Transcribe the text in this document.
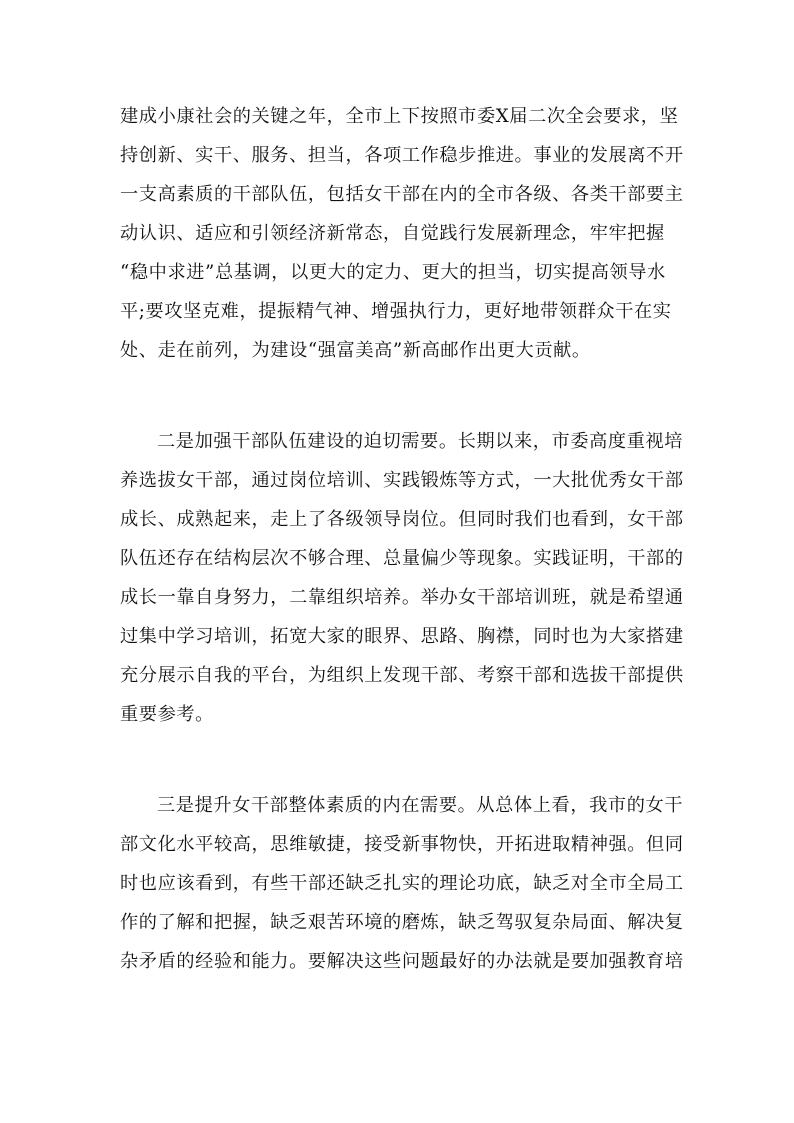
建成小康社会的关键之年，全市上下按照市委Ⅹ届二次全会要求，坚
持创新、实干、服务、担当，各项工作稳步推进。事业的发展离不开
一支高素质的干部队伍，包括女干部在内的全市各级、各类干部要主
动认识、适应和引领经济新常态，自觉践行发展新理念，牢牢把握
“稳中求进”总基调，以更大的定力、更大的担当，切实提高领导水
平;要攻坚克难，提振精气神、增强执行力，更好地带领群众干在实
处、走在前列，为建设“强富美高”新高邮作出更大贡献。
二是加强干部队伍建设的迫切需要。长期以来，市委高度重视培
养选拔女干部，通过岗位培训、实践锻炼等方式，一大批优秀女干部
成长、成熟起来，走上了各级领导岗位。但同时我们也看到，女干部
队伍还存在结构层次不够合理、总量偏少等现象。实践证明，干部的
成长一靠自身努力，二靠组织培养。举办女干部培训班，就是希望通
过集中学习培训，拓宽大家的眼界、思路、胸襟，同时也为大家搭建
充分展示自我的平台，为组织上发现干部、考察干部和选拔干部提供
重要参考。
三是提升女干部整体素质的内在需要。从总体上看，我市的女干
部文化水平较高，思维敏捷，接受新事物快，开拓进取精神强。但同
时也应该看到，有些干部还缺乏扎实的理论功底，缺乏对全市全局工
作的了解和把握，缺乏艰苦环境的磨炼，缺乏驾驭复杂局面、解决复
杂矛盾的经验和能力。要解决这些问题最好的办法就是要加强教育培
